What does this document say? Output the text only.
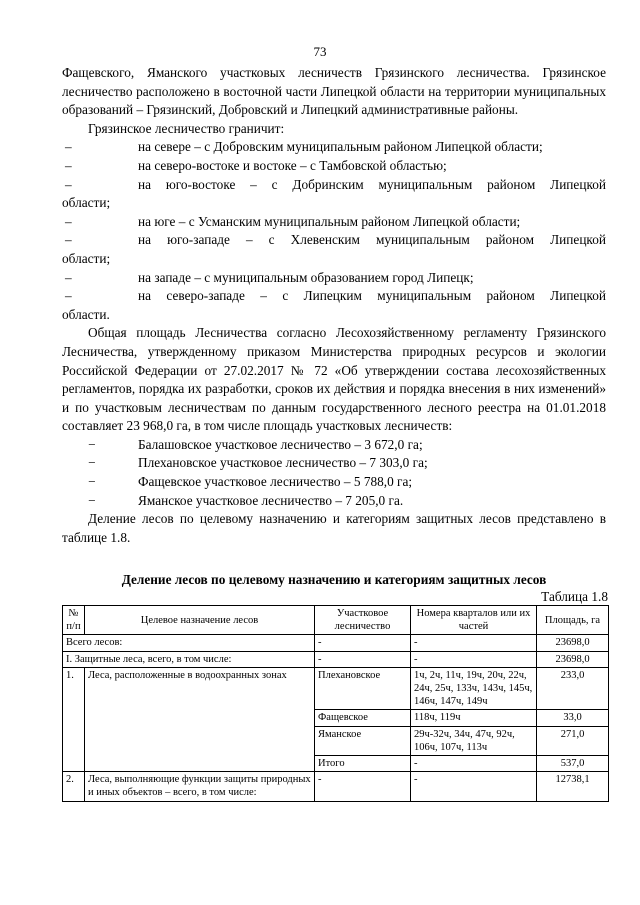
73

Фащевского, Яманского участковых лесничеств Грязинского лесничества. Грязинское лесничество расположено в восточной части Липецкой области на территории муниципальных образований – Грязинский, Добровский и Липецкий административные районы.

Грязинское лесничество граничит:

–	на севере – с Добровским муниципальным районом Липецкой области;
–	на северо-востоке и востоке – с Тамбовской областью;
–	на юго-востоке – с Добринским муниципальным районом Липецкой

области;

–	на юге – с Усманским муниципальным районом Липецкой области;
–	на юго-западе – с Хлевенским муниципальным районом Липецкой

области;

–	на западе – с муниципальным образованием город Липецк;
–	на северо-западе – с Липецким муниципальным районом Липецкой

области.

Общая площадь Лесничества согласно Лесохозяйственному регламенту Грязинского Лесничества, утвержденному приказом Министерства природных ресурсов и экологии Российской Федерации от 27.02.2017 № 72 «Об утверждении состава лесохозяйственных регламентов, порядка их разработки, сроков их действия и порядка внесения в них изменений» и по участковым лесничествам по данным государственного лесного реестра на 01.01.2018 составляет 23 968,0 га, в том числе площадь участковых лесничеств:

−	Балашовское участковое лесничество – 3 672,0 га;
−	Плехановское участковое лесничество – 7 303,0 га;
−	Фащевское участковое лесничество – 5 788,0 га;
−	Яманское участковое лесничество – 7 205,0 га.

Деление лесов по целевому назначению и категориям защитных лесов представлено в таблице 1.8.

Деление лесов по целевому назначению и категориям защитных лесов
Таблица 1.8
№ п/п	Целевое назначение лесов	Участковое лесничество	Номера кварталов или их частей	Площадь, га
Всего лесов:		-	-	23698,0
I. Защитные леса, всего, в том числе:		-	-	23698,0
1.	Леса, расположенные в водоохранных зонах	Плехановское	1ч, 2ч, 11ч, 19ч, 20ч, 22ч, 24ч, 25ч, 133ч, 143ч, 145ч, 146ч, 147ч, 149ч	233,0
		Фащевское	118ч, 119ч	33,0
		Яманское	29ч-32ч, 34ч, 47ч, 92ч, 106ч, 107ч, 113ч	271,0
		Итого	-	537,0
2.	Леса, выполняющие функции защиты природных и иных объектов – всего, в том числе:	-	-	12738,1
